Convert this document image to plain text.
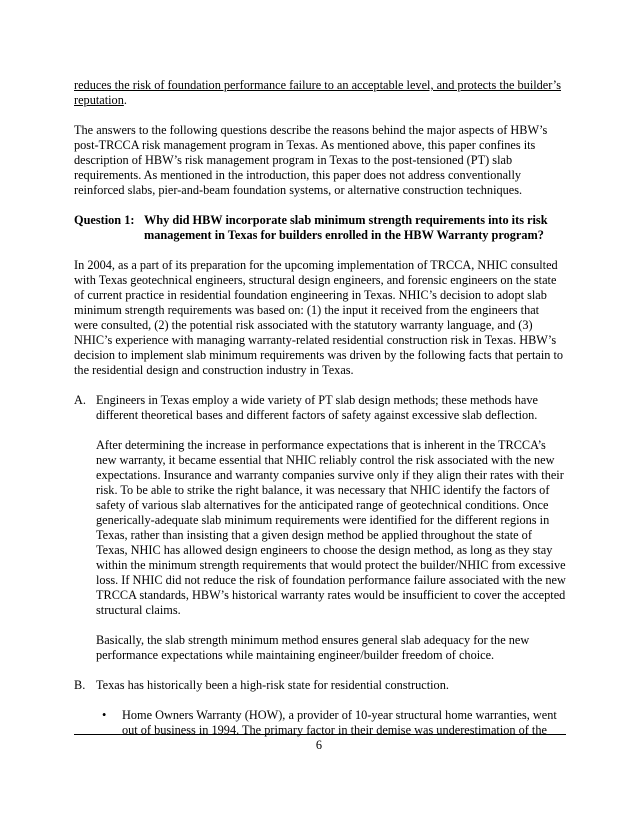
reduces the risk of foundation performance failure to an acceptable level, and protects the builder’s reputation.

The answers to the following questions describe the reasons behind the major aspects of HBW’s post-TRCCA risk management program in Texas. As mentioned above, this paper confines its description of HBW’s risk management program in Texas to the post-tensioned (PT) slab requirements. As mentioned in the introduction, this paper does not address conventionally reinforced slabs, pier-and-beam foundation systems, or alternative construction techniques.

Question 1: Why did HBW incorporate slab minimum strength requirements into its risk management in Texas for builders enrolled in the HBW Warranty program?

In 2004, as a part of its preparation for the upcoming implementation of TRCCA, NHIC consulted with Texas geotechnical engineers, structural design engineers, and forensic engineers on the state of current practice in residential foundation engineering in Texas. NHIC’s decision to adopt slab minimum strength requirements was based on: (1) the input it received from the engineers that were consulted, (2) the potential risk associated with the statutory warranty language, and (3) NHIC’s experience with managing warranty-related residential construction risk in Texas. HBW’s decision to implement slab minimum requirements was driven by the following facts that pertain to the residential design and construction industry in Texas.

A. Engineers in Texas employ a wide variety of PT slab design methods; these methods have different theoretical bases and different factors of safety against excessive slab deflection.

After determining the increase in performance expectations that is inherent in the TRCCA’s new warranty, it became essential that NHIC reliably control the risk associated with the new expectations. Insurance and warranty companies survive only if they align their rates with their risk. To be able to strike the right balance, it was necessary that NHIC identify the factors of safety of various slab alternatives for the anticipated range of geotechnical conditions. Once generically-adequate slab minimum requirements were identified for the different regions in Texas, rather than insisting that a given design method be applied throughout the state of Texas, NHIC has allowed design engineers to choose the design method, as long as they stay within the minimum strength requirements that would protect the builder/NHIC from excessive loss. If NHIC did not reduce the risk of foundation performance failure associated with the new TRCCA standards, HBW’s historical warranty rates would be insufficient to cover the accepted structural claims.

Basically, the slab strength minimum method ensures general slab adequacy for the new performance expectations while maintaining engineer/builder freedom of choice.

B. Texas has historically been a high-risk state for residential construction.
•	Home Owners Warranty (HOW), a provider of 10-year structural home warranties, went out of business in 1994. The primary factor in their demise was underestimation of the
6
